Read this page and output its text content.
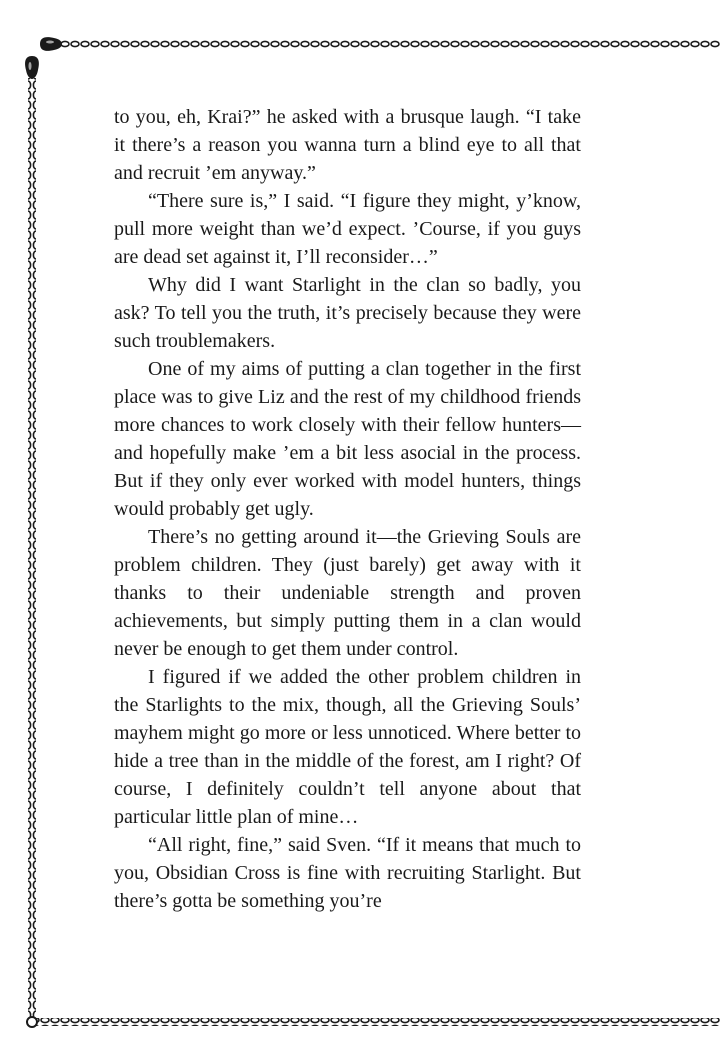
to you, eh, Krai?” he asked with a brusque laugh. “I take it there’s a reason you wanna turn a blind eye to all that and recruit ’em anyway.”

“There sure is,” I said. “I figure they might, y’know, pull more weight than we’d expect. ’Course, if you guys are dead set against it, I’ll reconsider…”

Why did I want Starlight in the clan so badly, you ask? To tell you the truth, it’s precisely because they were such troublemakers.

One of my aims of putting a clan together in the first place was to give Liz and the rest of my childhood friends more chances to work closely with their fellow hunters—and hopefully make ’em a bit less asocial in the process. But if they only ever worked with model hunters, things would probably get ugly.

There’s no getting around it—the Grieving Souls are problem children. They (just barely) get away with it thanks to their undeniable strength and proven achievements, but simply putting them in a clan would never be enough to get them under control.

I figured if we added the other problem children in the Starlights to the mix, though, all the Grieving Souls’ mayhem might go more or less unnoticed. Where better to hide a tree than in the middle of the forest, am I right? Of course, I definitely couldn’t tell anyone about that particular little plan of mine…

“All right, fine,” said Sven. “If it means that much to you, Obsidian Cross is fine with recruiting Starlight. But there’s gotta be something you’re
